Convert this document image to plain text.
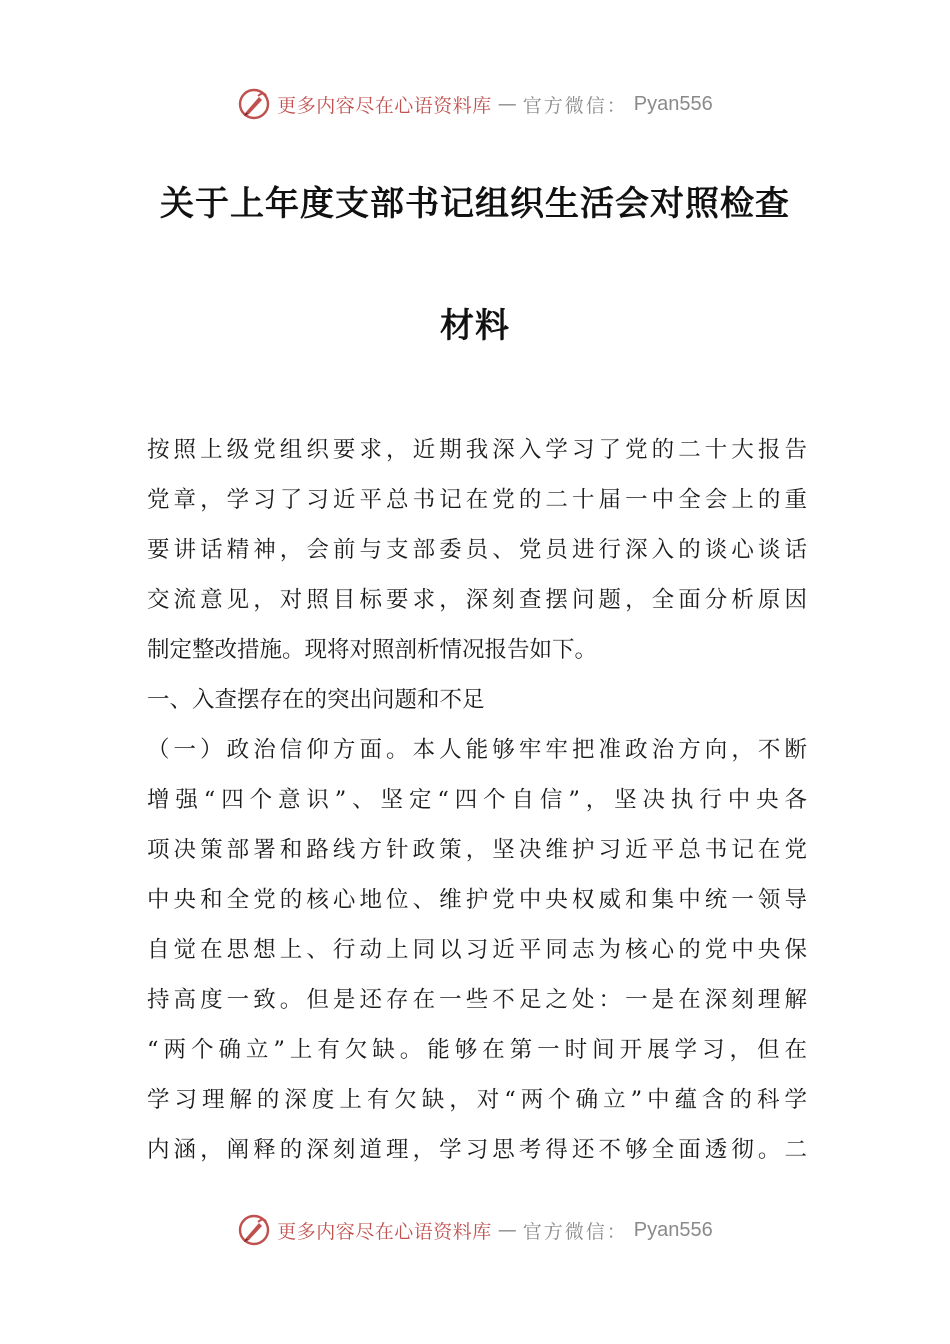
更多内容尽在心语资料库 — 官方微信： Pyan556
关于上年度支部书记组织生活会对照检查
材料
按照上级党组织要求，近期我深入学习了党的二十大报告
党章，学习了习近平总书记在党的二十届一中全会上的重
要讲话精神，会前与支部委员、党员进行深入的谈心谈话
交流意见，对照目标要求，深刻查摆问题，全面分析原因
制定整改措施。现将对照剖析情况报告如下。
一、入查摆存在的突出问题和不足
（一）政治信仰方面。本人能够牢牢把准政治方向，不断
增强“四个意识”、坚定“四个自信”，坚决执行中央各
项决策部署和路线方针政策，坚决维护习近平总书记在党
中央和全党的核心地位、维护党中央权威和集中统一领导
自觉在思想上、行动上同以习近平同志为核心的党中央保
持高度一致。但是还存在一些不足之处：一是在深刻理解
“两个确立”上有欠缺。能够在第一时间开展学习，但在
学习理解的深度上有欠缺，对“两个确立”中蕴含的科学
内涵，阐释的深刻道理，学习思考得还不够全面透彻。二
更多内容尽在心语资料库 — 官方微信： Pyan556
